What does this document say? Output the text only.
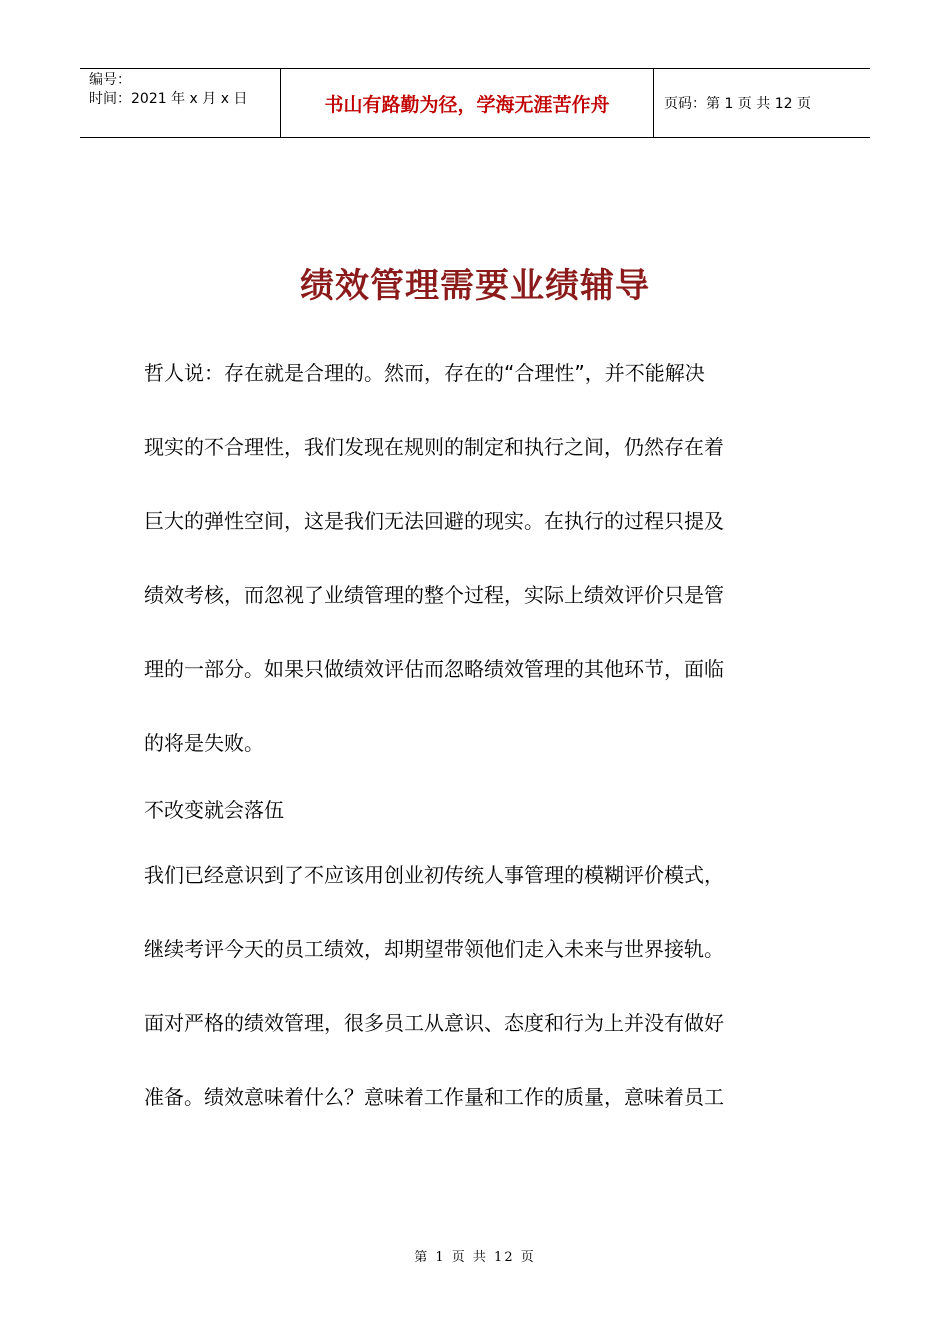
编号：
时间：2021 年 x 月 x 日	书山有路勤为径，学海无涯苦作舟	页码：第 1 页 共 12 页
绩效管理需要业绩辅导
哲人说：存在就是合理的。然而，存在的“合理性”，并不能解决
现实的不合理性，我们发现在规则的制定和执行之间，仍然存在着
巨大的弹性空间，这是我们无法回避的现实。在执行的过程只提及
绩效考核，而忽视了业绩管理的整个过程，实际上绩效评价只是管
理的一部分。如果只做绩效评估而忽略绩效管理的其他环节，面临
的将是失败。
不改变就会落伍
我们已经意识到了不应该用创业初传统人事管理的模糊评价模式，
继续考评今天的员工绩效，却期望带领他们走入未来与世界接轨。
面对严格的绩效管理，很多员工从意识、态度和行为上并没有做好
准备。绩效意味着什么？意味着工作量和工作的质量，意味着员工
第 1 页 共 12 页
